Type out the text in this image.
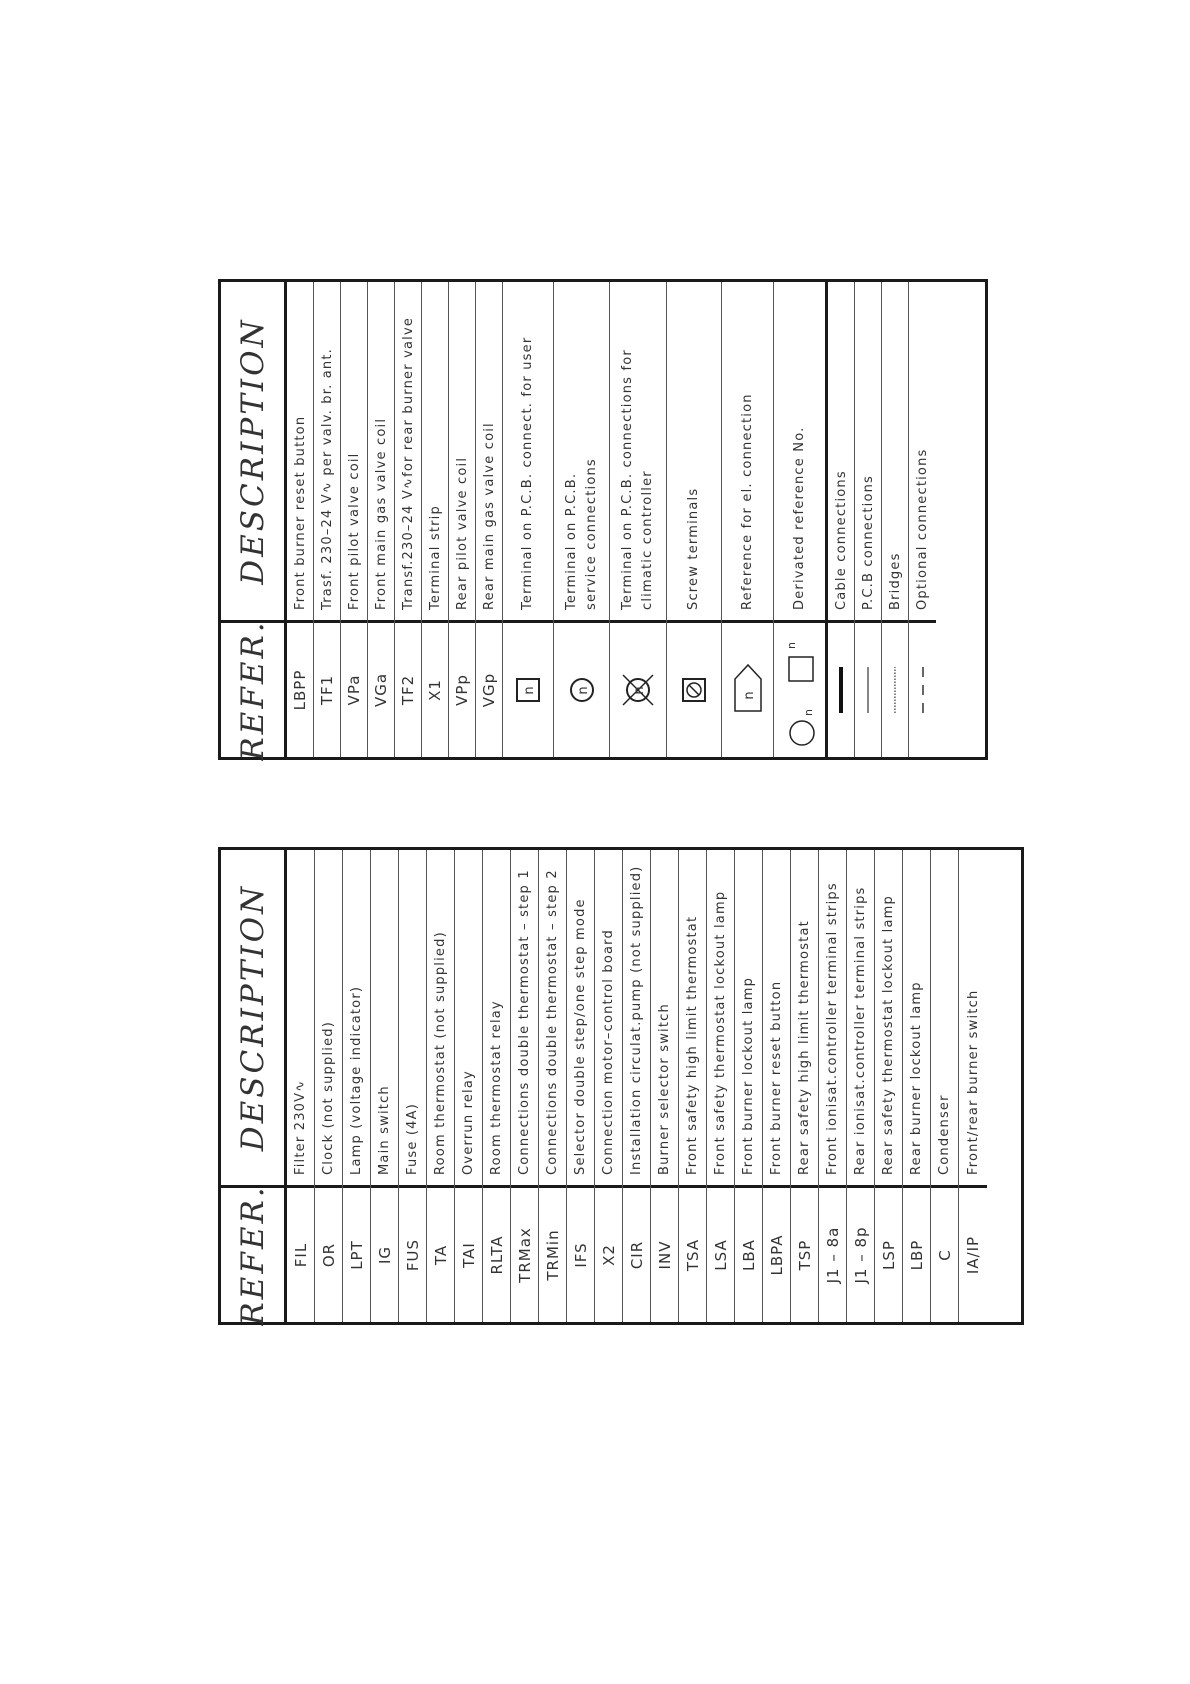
REFER.
DESCRIPTION
FIL
Filter 230V∿
OR
Clock (not supplied)
LPT
Lamp (voltage indicator)
IG
Main switch
FUS
Fuse (4A)
TA
Room thermostat (not supplied)
TAI
Overrun relay
RLTA
Room thermostat relay
TRMax
Connections double thermostat – step 1
TRMin
Connections double thermostat – step 2
IFS
Selector double step/one step mode
X2
Connection motor–control board
CIR
Installation circulat.pump (not supplied)
INV
Burner selector switch
TSA
Front safety high limit thermostat
LSA
Front safety thermostat lockout lamp
LBA
Front burner lockout lamp
LBPA
Front burner reset button
TSP
Rear safety high limit thermostat
J1 – 8a
Front ionisat.controller terminal strips
J1 – 8p
Rear ionisat.controller terminal strips
LSP
Rear safety thermostat lockout lamp
LBP
Rear burner lockout lamp
C
Condenser
IA/IP
Front/rear burner switch
REFER.
DESCRIPTION
LBPP
Front burner reset button
TF1
Trasf. 230–24 V∿ per valv. br. ant.
VPa
Front pilot valve coil
VGa
Front main gas valve coil
TF2
Transf.230–24 V∿for rear burner valve
X1
Terminal strip
VPp
Rear pilot valve coil
VGp
Rear main gas valve coil
n
Terminal on P.C.B. connect. for user
n
Terminal on P.C.B. service connections
n
Terminal on P.C.B. connections for climatic controller Screw terminals
n
Reference for el. connection
n
n
Derivated reference No.	Cable connections P.C.B connections Bridges Optional connections
